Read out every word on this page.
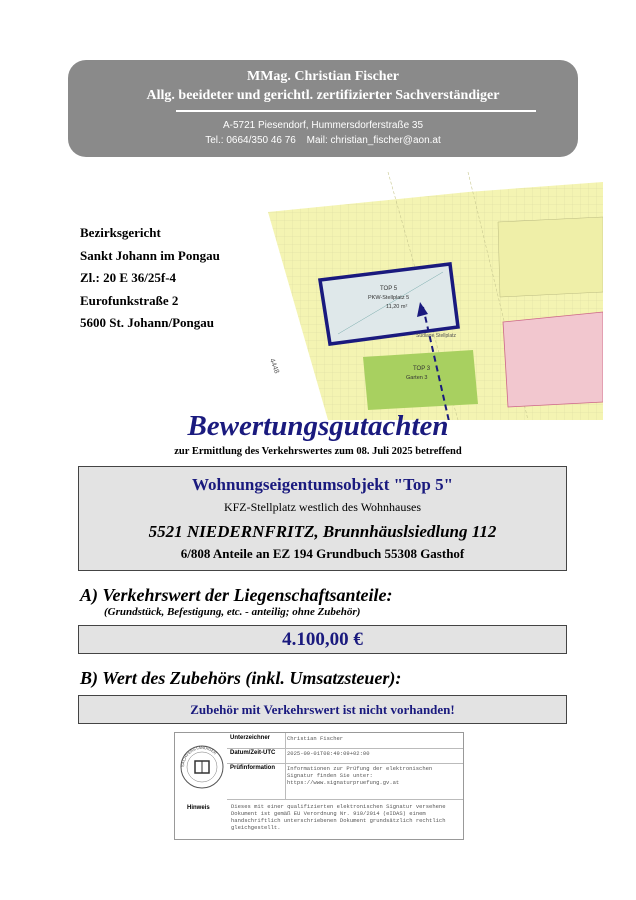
MMag. Christian Fischer
Allg. beeideter und gerichtl. zertifizierter Sachverständiger
A-5721 Piesendorf, Hummersdorferstraße 35
Tel.: 0664/350 46 76 Mail: christian_fischer@aon.at
Bezirksgericht
Sankt Johann im Pongau
Zl.: 20 E 36/25f-4
Eurofunkstraße 2
5600 St. Johann/Pongau
TOP 5
PKW-Stellplatz 5
11,20 m²
TOP 3
Garten 3
Sudlage Stellplatz
4448
Bewertungsgutachten
zur Ermittlung des Verkehrswertes zum 08. Juli 2025 betreffend
Wohnungseigentumsobjekt "Top 5"
KFZ-Stellplatz westlich des Wohnhauses
5521 NIEDERNFRITZ, Brunnhäuslsiedlung 112
6/808 Anteile an EZ 194 Grundbuch 55308 Gasthof
A) Verkehrswert der Liegenschaftsanteile:
(Grundstück, Befestigung, etc. - anteilig; ohne Zubehör)
4.100,00 €
B) Wert des Zubehörs (inkl. Umsatzsteuer):
Zubehör mit Verkehrswert ist nicht vorhanden!
SACHVERSTÄNDIGER
Unterzeichner	Christian Fischer
Datum/Zeit-UTC 2025-09-01T08:49:09+02:00
Prüfinformation Informationen zur Prüfung der elektronischen Signatur finden Sie unter:
https://www.signaturpruefung.gv.at
Hinweis	Dieses mit einer qualifizierten elektronischen Signatur versehene Dokument ist gemäß EU Verordnung Nr. 910/2014 (eIDAS) einem handschriftlich unterschriebenen Dokument grundsätzlich rechtlich gleichgestellt.
